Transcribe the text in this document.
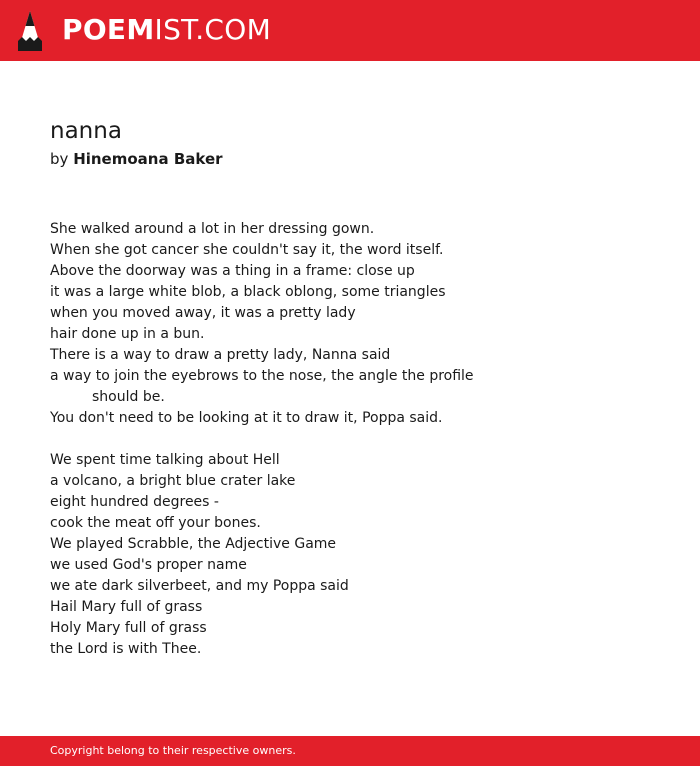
POEMIST.COM
nanna
by Hinemoana Baker
She walked around a lot in her dressing gown.
When she got cancer she couldn't say it, the word itself.
Above the doorway was a thing in a frame: close up
it was a large white blob, a black oblong, some triangles
when you moved away, it was a pretty lady
hair done up in a bun.
There is a way to draw a pretty lady, Nanna said
a way to join the eyebrows to the nose, the angle the profile
should be.
You don't need to be looking at it to draw it, Poppa said.
We spent time talking about Hell
a volcano, a bright blue crater lake
eight hundred degrees -
cook the meat off your bones.
We played Scrabble, the Adjective Game
we used God's proper name
we ate dark silverbeet, and my Poppa said
Hail Mary full of grass
Holy Mary full of grass
the Lord is with Thee.
Copyright belong to their respective owners.
